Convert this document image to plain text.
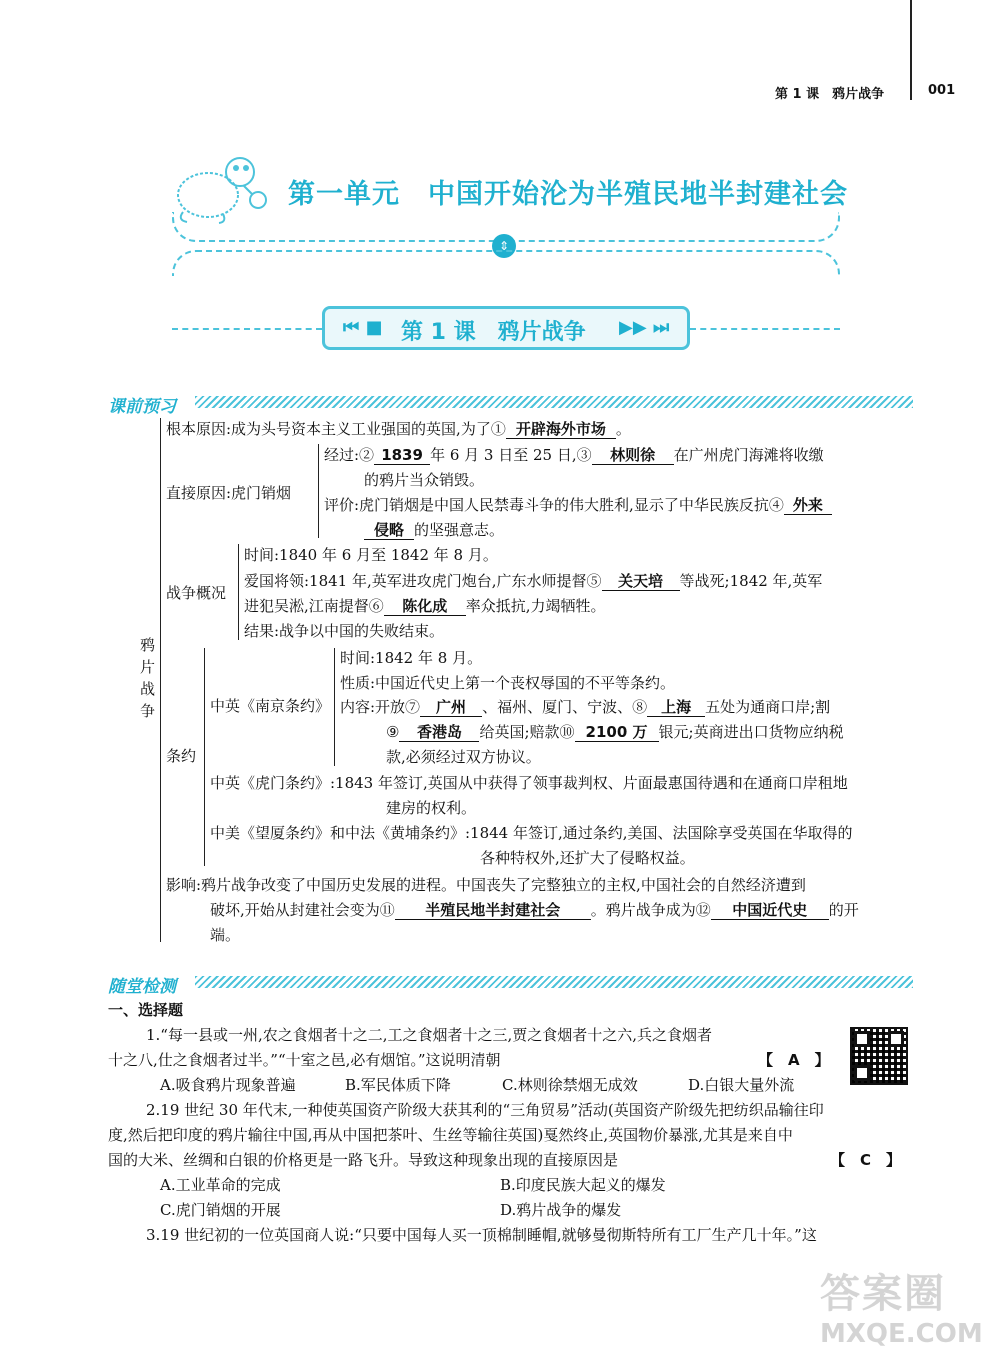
第 1 课　鸦片战争	001
第一单元　中国开始沦为半殖民地半封建社会
⇕
⏮ ■ 第 1 课　鸦片战争 ▶▶ ⏭
课前预习
鸦
片
战
争
根本原因:成为头号资本主义工业强国的英国,为了① 开辟海外市场 。
直接原因:虎门销烟
经过:② 1839 年 6 月 3 日至 25 日,③ 林则徐 在广州虎门海滩将收缴
的鸦片当众销毁。
评价:虎门销烟是中国人民禁毒斗争的伟大胜利,显示了中华民族反抗④ 外来
侵略 的坚强意志。
战争概况
时间:1840 年 6 月至 1842 年 8 月。
爱国将领:1841 年,英军进攻虎门炮台,广东水师提督⑤ 关天培 等战死;1842 年,英军
进犯吴淞,江南提督⑥ 陈化成 率众抵抗,力竭牺牲。
结果:战争以中国的失败结束。
条约
中英《南京条约》
时间:1842 年 8 月。
性质:中国近代史上第一个丧权辱国的不平等条约。
内容:开放⑦ 广州 、福州、厦门、宁波、⑧ 上海 五处为通商口岸;割
⑨ 香港岛 给英国;赔款⑩ 2100 万 银元;英商进出口货物应纳税
款,必须经过双方协议。
中英《虎门条约》:1843 年签订,英国从中获得了领事裁判权、片面最惠国待遇和在通商口岸租地
建房的权利。
中美《望厦条约》和中法《黄埔条约》:1844 年签订,通过条约,美国、法国除享受英国在华取得的
各种特权外,还扩大了侵略权益。
影响:鸦片战争改变了中国历史发展的进程。中国丧失了完整独立的主权,中国社会的自然经济遭到
破坏,开始从封建社会变为⑪ 半殖民地半封建社会 。鸦片战争成为⑫ 中国近代史 的开
端。
随堂检测
一、选择题
1.“每一县或一州,农之食烟者十之二,工之食烟者十之三,贾之食烟者十之六,兵之食烟者
十之八,仕之食烟者过半。”“十室之邑,必有烟馆。”这说明清朝	【　A　】
A.吸食鸦片现象普遍	B.军民体质下降	C.林则徐禁烟无成效	D.白银大量外流
2.19 世纪 30 年代末,一种使英国资产阶级大获其利的“三角贸易”活动(英国资产阶级先把纺织品输往印
度,然后把印度的鸦片输往中国,再从中国把茶叶、生丝等输往英国)戛然终止,英国物价暴涨,尤其是来自中
国的大米、丝绸和白银的价格更是一路飞升。导致这种现象出现的直接原因是	【　C　】
A.工业革命的完成	B.印度民族大起义的爆发
C.虎门销烟的开展	D.鸦片战争的爆发
3.19 世纪初的一位英国商人说:“只要中国每人买一顶棉制睡帽,就够曼彻斯特所有工厂生产几十年。”这
答案圈
MXQE.COM
